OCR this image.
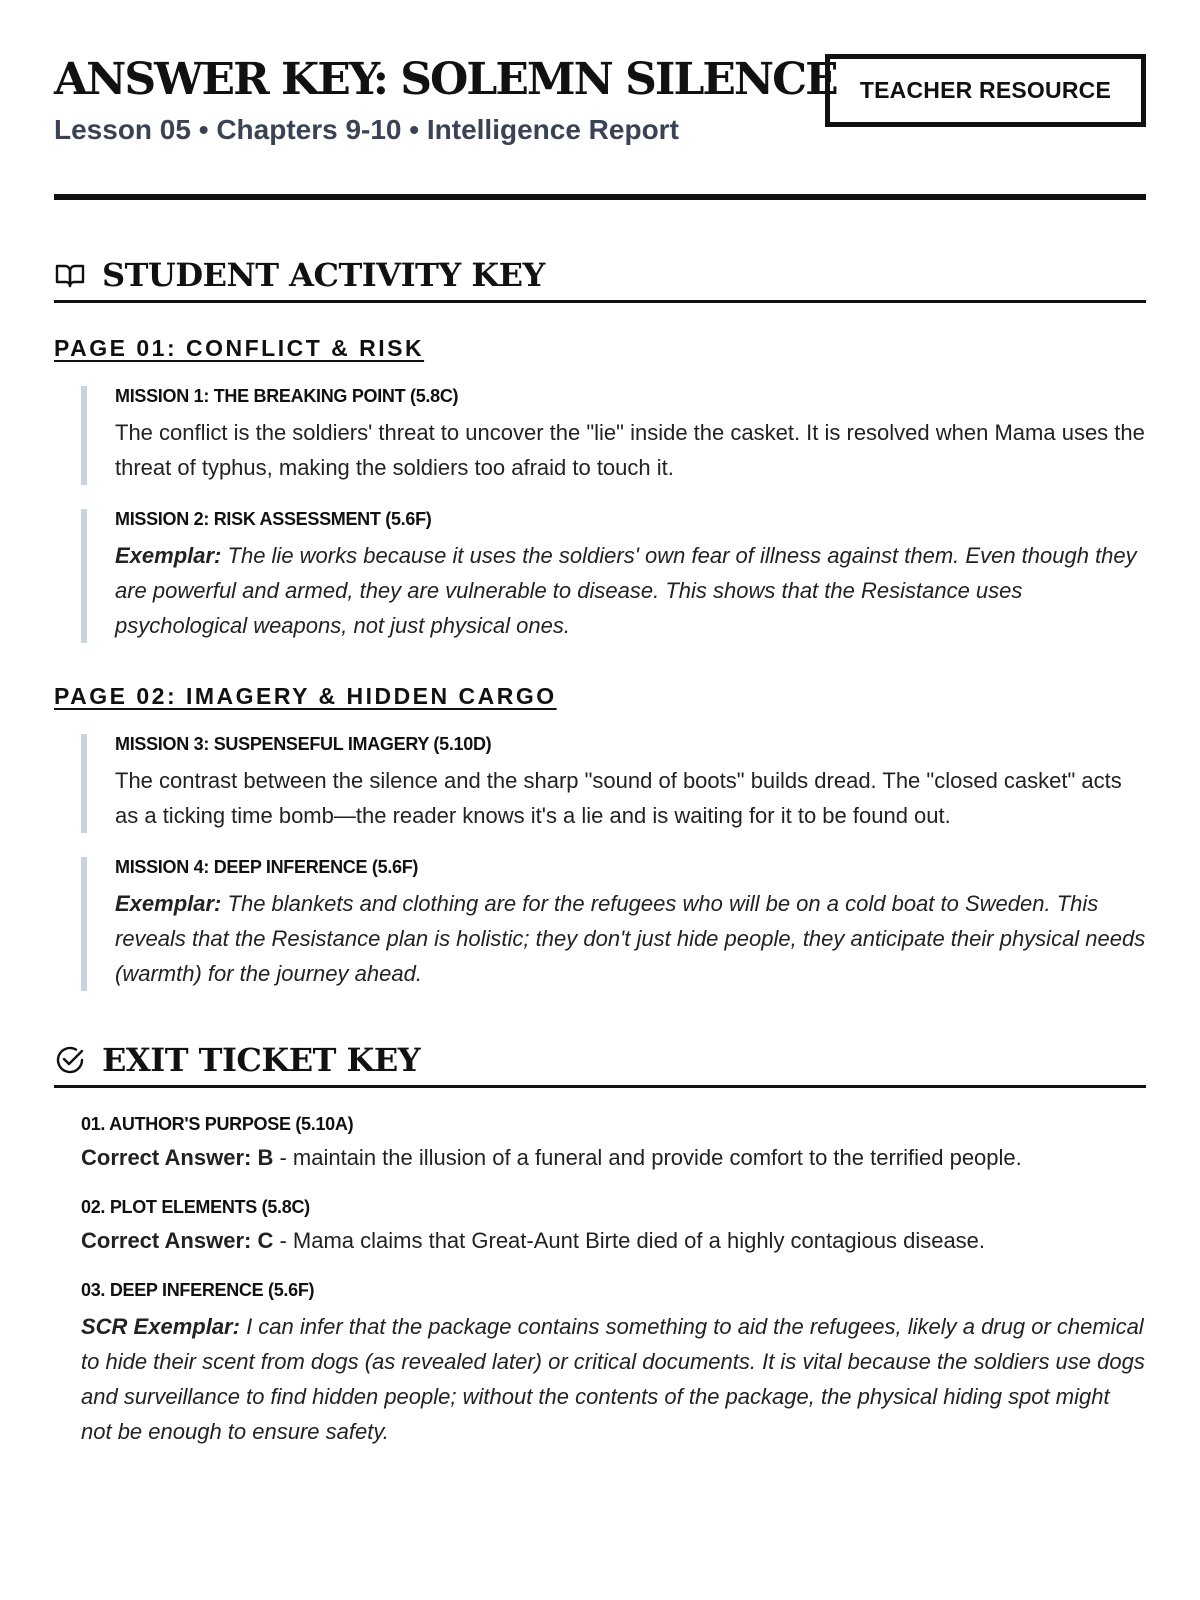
ANSWER KEY: SOLEMN SILENCE
Lesson 05 • Chapters 9-10 • Intelligence Report
TEACHER RESOURCE
STUDENT ACTIVITY KEY
PAGE 01: CONFLICT & RISK
MISSION 1: THE BREAKING POINT (5.8C)
The conflict is the soldiers' threat to uncover the "lie" inside the casket. It is resolved when Mama uses the threat of typhus, making the soldiers too afraid to touch it.
MISSION 2: RISK ASSESSMENT (5.6F)
Exemplar: The lie works because it uses the soldiers' own fear of illness against them. Even though they are powerful and armed, they are vulnerable to disease. This shows that the Resistance uses psychological weapons, not just physical ones.
PAGE 02: IMAGERY & HIDDEN CARGO
MISSION 3: SUSPENSEFUL IMAGERY (5.10D)
The contrast between the silence and the sharp "sound of boots" builds dread. The "closed casket" acts as a ticking time bomb—the reader knows it's a lie and is waiting for it to be found out.
MISSION 4: DEEP INFERENCE (5.6F)
Exemplar: The blankets and clothing are for the refugees who will be on a cold boat to Sweden. This reveals that the Resistance plan is holistic; they don't just hide people, they anticipate their physical needs (warmth) for the journey ahead.
EXIT TICKET KEY
01. AUTHOR'S PURPOSE (5.10A)
Correct Answer: B - maintain the illusion of a funeral and provide comfort to the terrified people.
02. PLOT ELEMENTS (5.8C)
Correct Answer: C - Mama claims that Great-Aunt Birte died of a highly contagious disease.
03. DEEP INFERENCE (5.6F)
SCR Exemplar: I can infer that the package contains something to aid the refugees, likely a drug or chemical to hide their scent from dogs (as revealed later) or critical documents. It is vital because the soldiers use dogs and surveillance to find hidden people; without the contents of the package, the physical hiding spot might not be enough to ensure safety.
